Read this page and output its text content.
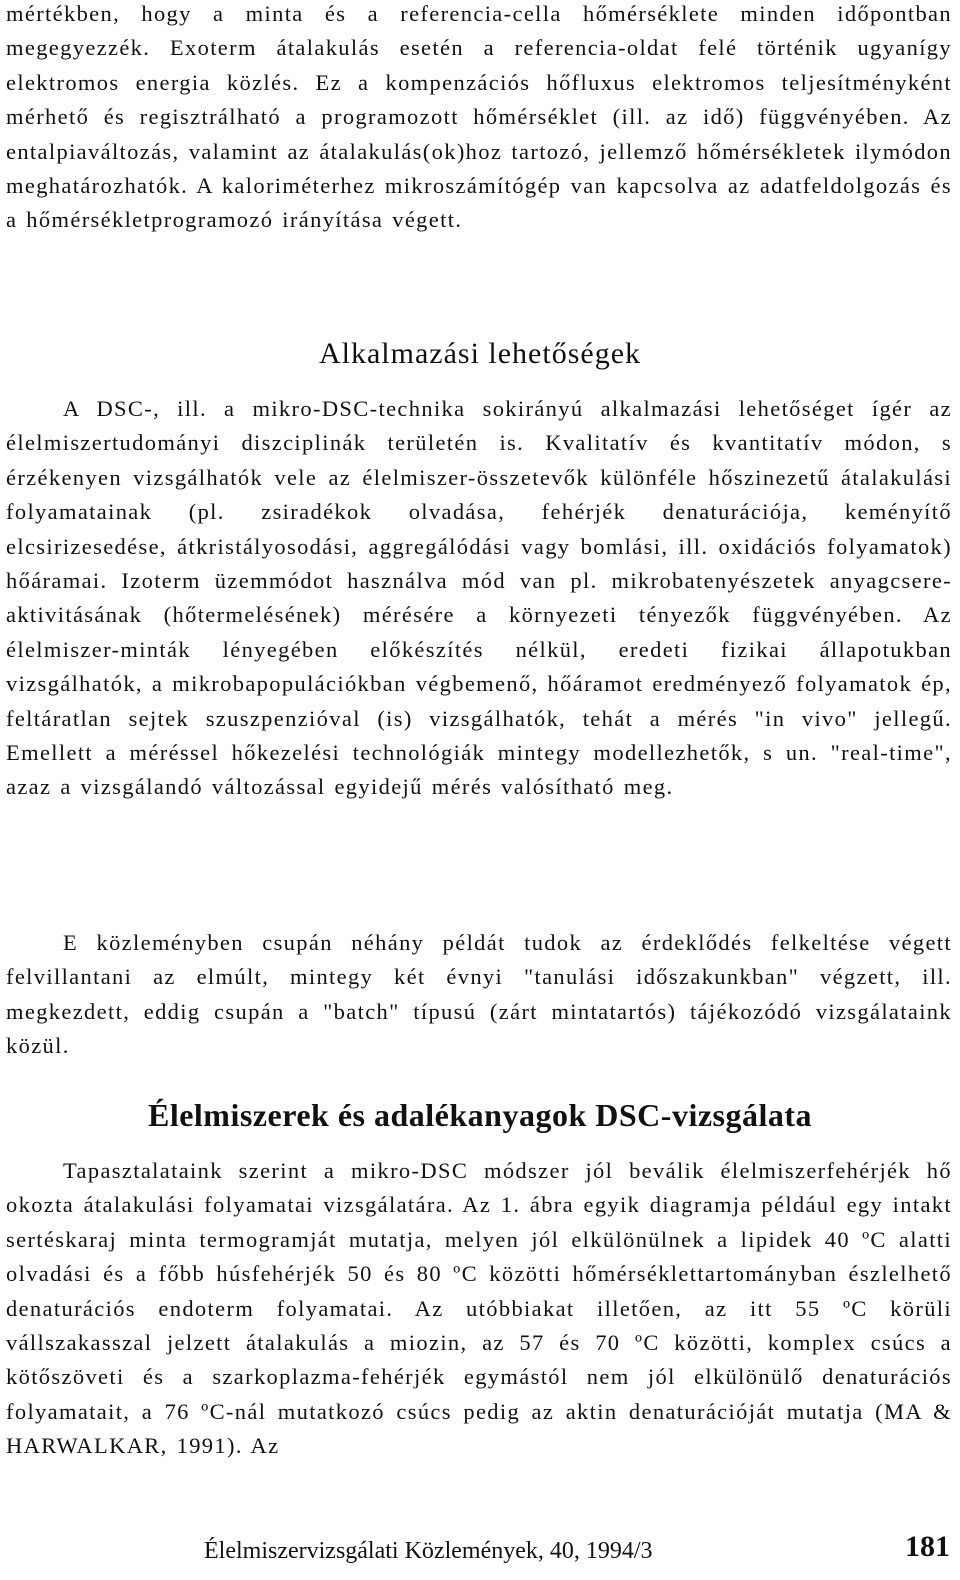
mértékben, hogy a minta és a referencia-cella hőmérséklete minden időpontban megegyezzék. Exoterm átalakulás esetén a referencia-oldat felé történik ugyanígy elektromos energia közlés. Ez a kompenzációs hőfluxus elektromos teljesítményként mérhető és regisztrálható a programozott hőmérséklet (ill. az idő) függvényében. Az entalpiaváltozás, valamint az átalakulás(ok)hoz tartozó, jellemző hőmérsékletek ilymódon meghatározhatók. A kaloriméterhez mikroszámítógép van kapcsolva az adatfeldolgozás és a hőmérsékletprogramozó irányítása végett.

Alkalmazási lehetőségek

A DSC-, ill. a mikro-DSC-technika sokirányú alkalmazási lehetőséget ígér az élelmiszertudományi diszciplinák területén is. Kvalitatív és kvantitatív módon, s érzékenyen vizsgálhatók vele az élelmiszer-összetevők különféle hőszinezetű átalakulási folyamatainak (pl. zsiradékok olvadása, fehérjék denaturációja, keményítő elcsirizesedése, átkristályosodási, aggregálódási vagy bomlási, ill. oxidációs folyamatok) hőáramai. Izoterm üzemmódot használva mód van pl. mikrobatenyészetek anyagcsere-aktivitásának (hőtermelésének) mérésére a környezeti tényezők függvényében. Az élelmiszer-minták lényegében előkészítés nélkül, eredeti fizikai állapotukban vizsgálhatók, a mikrobapopulációkban végbemenő, hőáramot eredményező folyamatok ép, feltáratlan sejtek szuszpenzióval (is) vizsgálhatók, tehát a mérés "in vivo" jellegű. Emellett a méréssel hőkezelési technológiák mintegy modellezhetők, s un. "real-time", azaz a vizsgálandó változással egyidejű mérés valósítható meg.

E közleményben csupán néhány példát tudok az érdeklődés felkeltése végett felvillantani az elmúlt, mintegy két évnyi "tanulási időszakunkban" végzett, ill. megkezdett, eddig csupán a "batch" típusú (zárt mintatartós) tájékozódó vizsgálataink közül.

Élelmiszerek és adalékanyagok DSC-vizsgálata

Tapasztalataink szerint a mikro-DSC módszer jól beválik élelmiszerfehérjék hő okozta átalakulási folyamatai vizsgálatára. Az 1. ábra egyik diagramja például egy intakt sertéskaraj minta termogramját mutatja, melyen jól elkülönülnek a lipidek 40 ºC alatti olvadási és a főbb húsfehérjék 50 és 80 ºC közötti hőmérséklettartományban észlelhető denaturációs endoterm folyamatai. Az utóbbiakat illetően, az itt 55 ºC körüli vállszakasszal jelzett átalakulás a miozin, az 57 és 70 ºC közötti, komplex csúcs a kötőszöveti és a szarkoplazma-fehérjék egymástól nem jól elkülönülő denaturációs folyamatait, a 76 ºC-nál mutatkozó csúcs pedig az aktin denaturációját mutatja (MA & HARWALKAR, 1991). Az

Élelmiszervizsgálati Közlemények, 40, 1994/3	181
